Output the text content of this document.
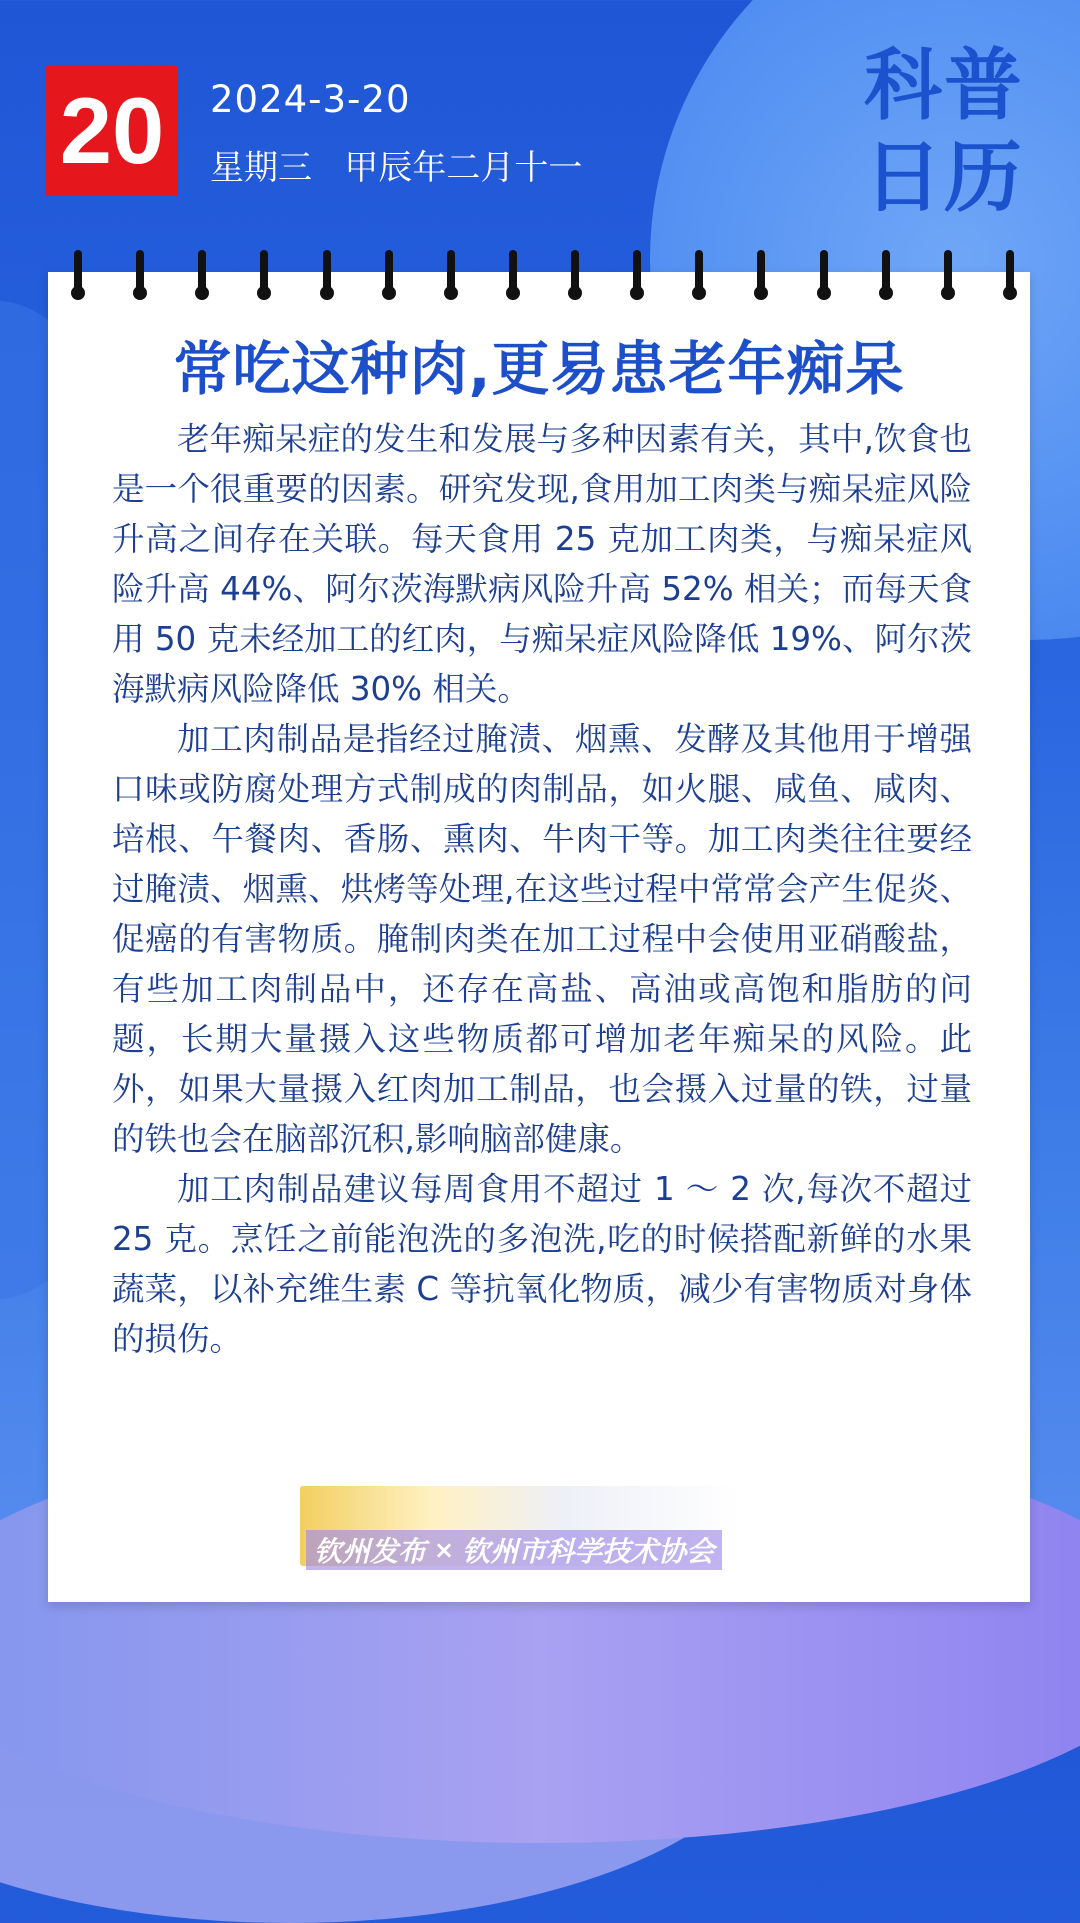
20 2024-3-20
星期三   甲辰年二月十一
科普日历
常吃这种肉,更易患老年痴呆

老年痴呆症的发生和发展与多种因素有关，其中,饮食也是一个很重要的因素。研究发现,食用加工肉类与痴呆症风险升高之间存在关联。每天食用 25 克加工肉类，与痴呆症风险升高 44%、阿尔茨海默病风险升高 52% 相关；而每天食用 50 克未经加工的红肉，与痴呆症风险降低 19%、阿尔茨海默病风险降低 30% 相关。

加工肉制品是指经过腌渍、烟熏、发酵及其他用于增强口味或防腐处理方式制成的肉制品，如火腿、咸鱼、咸肉、培根、午餐肉、香肠、熏肉、牛肉干等。加工肉类往往要经过腌渍、烟熏、烘烤等处理,在这些过程中常常会产生促炎、促癌的有害物质。腌制肉类在加工过程中会使用亚硝酸盐，有些加工肉制品中，还存在高盐、高油或高饱和脂肪的问题，长期大量摄入这些物质都可增加老年痴呆的风险。此外，如果大量摄入红肉加工制品，也会摄入过量的铁，过量的铁也会在脑部沉积,影响脑部健康。

加工肉制品建议每周食用不超过 1 ～ 2 次,每次不超过 25 克。烹饪之前能泡洗的多泡洗,吃的时候搭配新鲜的水果蔬菜，以补充维生素 C 等抗氧化物质，减少有害物质对身体的损伤。

钦州发布 × 钦州市科学技术协会
